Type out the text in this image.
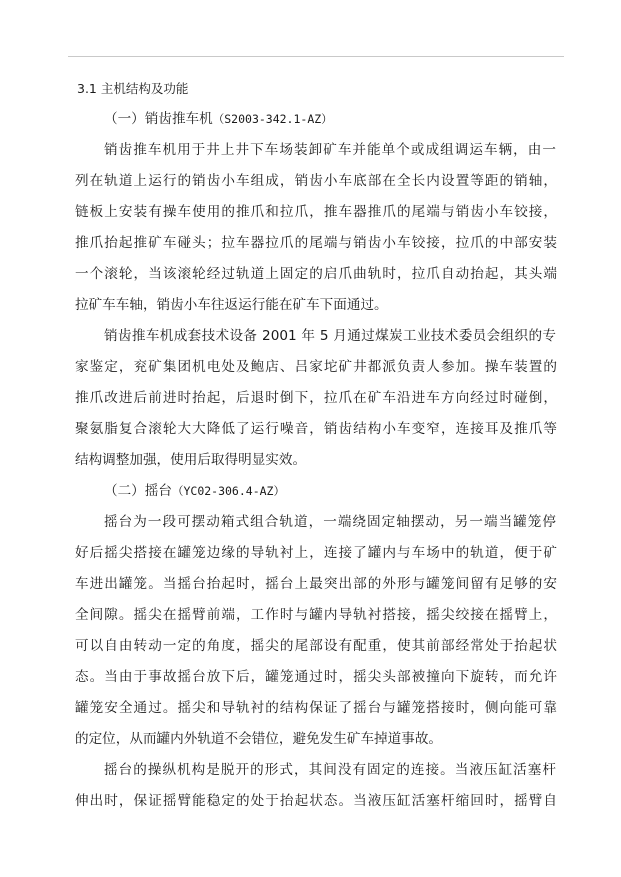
3.1 主机结构及功能
（一）销齿推车机（S2003-342.1-AZ）
销齿推车机用于井上井下车场装卸矿车并能单个或成组调运车辆，由一
列在轨道上运行的销齿小车组成，销齿小车底部在全长内设置等距的销轴，
链板上安装有操车使用的推爪和拉爪，推车器推爪的尾端与销齿小车铰接，
推爪抬起推矿车碰头；拉车器拉爪的尾端与销齿小车铰接，拉爪的中部安装
一个滚轮，当该滚轮经过轨道上固定的启爪曲轨时，拉爪自动抬起，其头端
拉矿车车轴，销齿小车往返运行能在矿车下面通过。
销齿推车机成套技术设备 2001 年 5 月通过煤炭工业技术委员会组织的专
家鉴定，兖矿集团机电处及鲍店、吕家坨矿井都派负责人参加。操车装置的
推爪改进后前进时抬起，后退时倒下，拉爪在矿车沿进车方向经过时碰倒，
聚氨脂复合滚轮大大降低了运行噪音，销齿结构小车变窄，连接耳及推爪等
结构调整加强，使用后取得明显实效。
（二）摇台（YC02-306.4-AZ）
摇台为一段可摆动箱式组合轨道，一端绕固定轴摆动，另一端当罐笼停
好后摇尖搭接在罐笼边缘的导轨衬上，连接了罐内与车场中的轨道，便于矿
车进出罐笼。当摇台抬起时，摇台上最突出部的外形与罐笼间留有足够的安
全间隙。摇尖在摇臂前端，工作时与罐内导轨衬搭接，摇尖绞接在摇臂上，
可以自由转动一定的角度，摇尖的尾部设有配重，使其前部经常处于抬起状
态。当由于事故摇台放下后，罐笼通过时，摇尖头部被撞向下旋转，而允许
罐笼安全通过。摇尖和导轨衬的结构保证了摇台与罐笼搭接时，侧向能可靠
的定位，从而罐内外轨道不会错位，避免发生矿车掉道事故。
摇台的操纵机构是脱开的形式，其间没有固定的连接。当液压缸活塞杆
伸出时，保证摇臂能稳定的处于抬起状态。当液压缸活塞杆缩回时，摇臂自
